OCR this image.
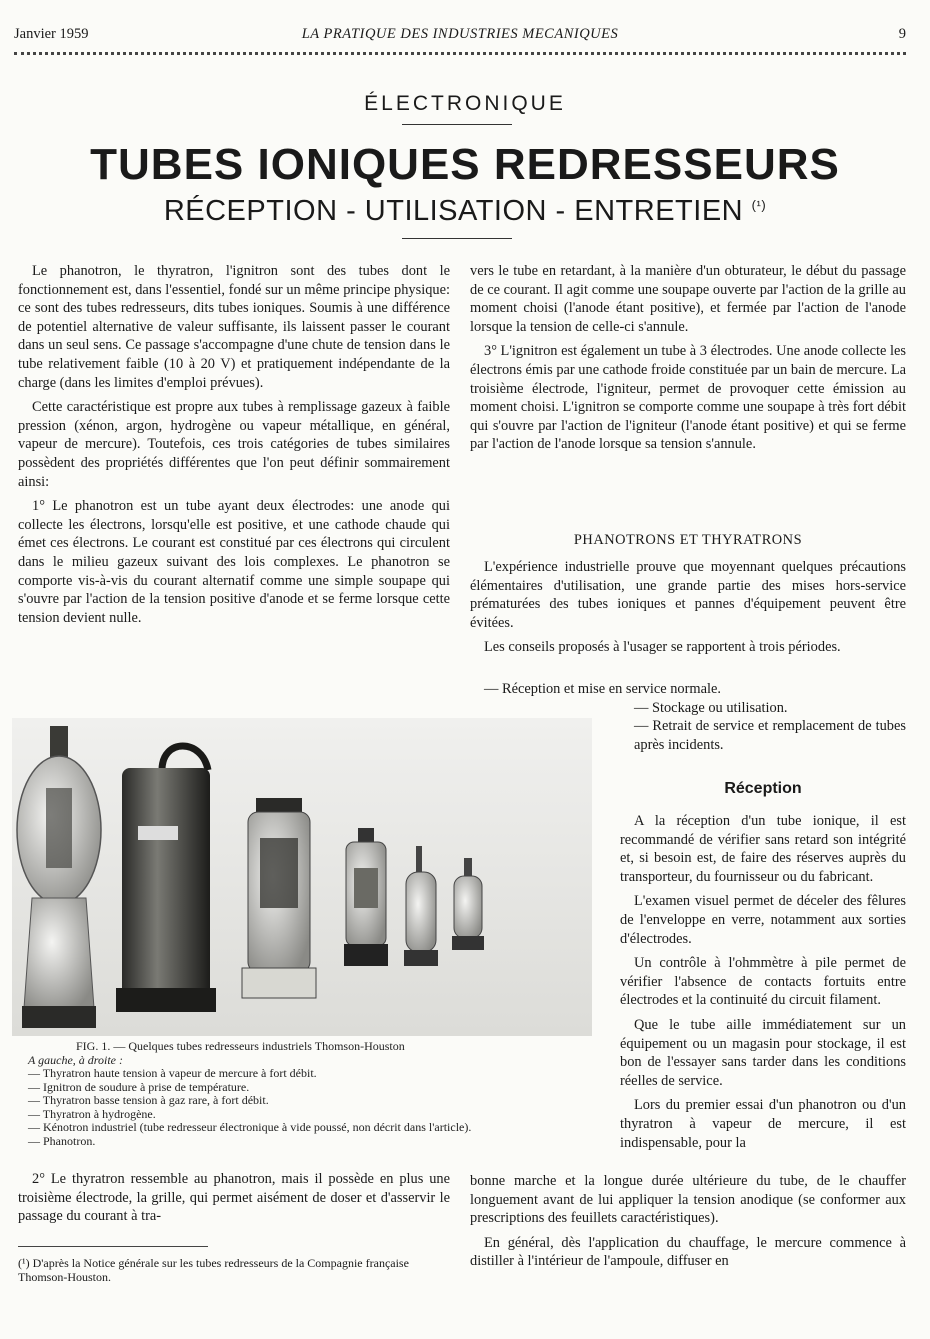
Janvier 1959	LA PRATIQUE DES INDUSTRIES MECANIQUES	9
ÉLECTRONIQUE
TUBES IONIQUES REDRESSEURS
RÉCEPTION - UTILISATION - ENTRETIEN $^{(^1)}$

Le phanotron, le thyratron, l'ignitron sont des tubes dont le fonctionnement est, dans l'essentiel, fondé sur un même principe physique: ce sont des tubes redresseurs, dits tubes ioniques. Soumis à une différence de potentiel alternative de valeur suffisante, ils laissent passer le courant dans un seul sens. Ce passage s'accompagne d'une chute de tension dans le tube relativement faible (10 à 20 V) et pratiquement indépendante de la charge (dans les limites d'emploi prévues).

Cette caractéristique est propre aux tubes à remplissage gazeux à faible pression (xénon, argon, hydrogène ou vapeur métallique, en général, vapeur de mercure). Toutefois, ces trois catégories de tubes similaires possèdent des propriétés différentes que l'on peut définir sommairement ainsi:

1° Le phanotron est un tube ayant deux électrodes: une anode qui collecte les électrons, lorsqu'elle est positive, et une cathode chaude qui émet ces électrons. Le courant est constitué par ces électrons qui circulent dans le milieu gazeux suivant des lois complexes. Le phanotron se comporte vis-à-vis du courant alternatif comme une simple soupape qui s'ouvre par l'action de la tension positive d'anode et se ferme lorsque cette tension devient nulle.

FIG. 1. — Quelques tubes redresseurs industriels Thomson-Houston
A gauche, à droite :
— Thyratron haute tension à vapeur de mercure à fort débit.
— Ignitron de soudure à prise de température.
— Thyratron basse tension à gaz rare, à fort débit.
— Thyratron à hydrogène.
— Kénotron industriel (tube redresseur électronique à vide poussé, non décrit dans l'article).
— Phanotron.

2° Le thyratron ressemble au phanotron, mais il possède en plus une troisième électrode, la grille, qui permet aisément de doser et d'asservir le passage du courant à tra-

(¹) D'après la Notice générale sur les tubes redresseurs de la Compagnie française Thomson-Houston.

vers le tube en retardant, à la manière d'un obturateur, le début du passage de ce courant. Il agit comme une soupape ouverte par l'action de la grille au moment choisi (l'anode étant positive), et fermée par l'action de l'anode lorsque la tension de celle-ci s'annule.

3° L'ignitron est également un tube à 3 électrodes. Une anode collecte les électrons émis par une cathode froide constituée par un bain de mercure. La troisième électrode, l'igniteur, permet de provoquer cette émission au moment choisi. L'ignitron se comporte comme une soupape à très fort débit qui s'ouvre par l'action de l'igniteur (l'anode étant positive) et qui se ferme par l'action de l'anode lorsque sa tension s'annule.

PHANOTRONS ET THYRATRONS

L'expérience industrielle prouve que moyennant quelques précautions élémentaires d'utilisation, une grande partie des mises hors-service prématurées des tubes ioniques et pannes d'équipement peuvent être évitées.

Les conseils proposés à l'usager se rapportent à trois périodes.

— Réception et mise en service normale.
— Stockage ou utilisation.
— Retrait de service et remplacement de tubes après incidents.
Réception

A la réception d'un tube ionique, il est recommandé de vérifier sans retard son intégrité et, si besoin est, de faire des réserves auprès du transporteur, du fournisseur ou du fabricant.

L'examen visuel permet de déceler des fêlures de l'enveloppe en verre, notamment aux sorties d'électrodes.

Un contrôle à l'ohmmètre à pile permet de vérifier l'absence de contacts fortuits entre électrodes et la continuité du circuit filament.

Que le tube aille immédiatement sur un équipement ou un magasin pour stockage, il est bon de l'essayer sans tarder dans les conditions réelles de service.

Lors du premier essai d'un phanotron ou d'un thyratron à vapeur de mercure, il est indispensable, pour la

bonne marche et la longue durée ultérieure du tube, de le chauffer longuement avant de lui appliquer la tension anodique (se conformer aux prescriptions des feuillets caractéristiques).

En général, dès l'application du chauffage, le mercure commence à distiller à l'intérieur de l'ampoule, diffuser en
